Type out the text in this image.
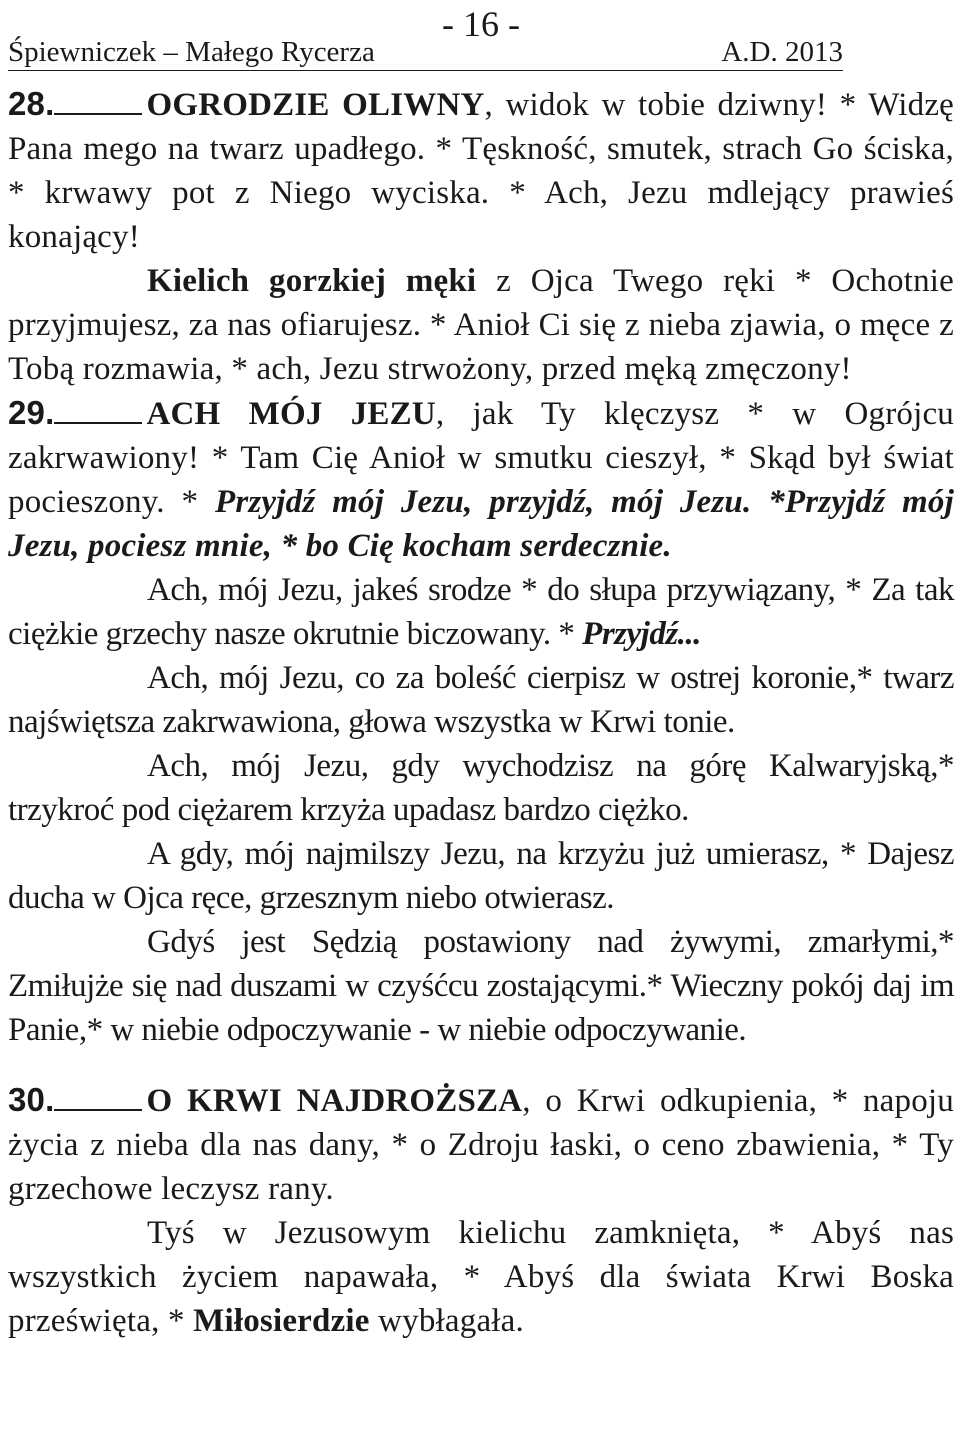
- 16 -
Śpiewniczek – Małego Rycerza	A.D. 2013

28.	OGRODZIE OLIWNY, widok w tobie dziwny! * Widzę Pana mego na twarz upadłego. * Tęskność, smutek, strach Go ściska, * krwawy pot z Niego wyciska. * Ach, Jezu mdlejący prawieś konający!

Kielich gorzkiej męki z Ojca Twego ręki * Ochotnie przyjmujesz, za nas ofiarujesz. * Anioł Ci się z nieba zjawia, o męce z Tobą rozmawia, * ach, Jezu strwożony, przed męką zmęczony!

29.	ACH MÓJ JEZU, jak Ty klęczysz * w Ogrójcu zakrwawiony! * Tam Cię Anioł w smutku cieszył, * Skąd był świat pocieszony. * Przyjdź mój Jezu, przyjdź, mój Jezu. *Przyjdź mój Jezu, pociesz mnie, * bo Cię kocham serdecznie.

Ach, mój Jezu, jakeś srodze * do słupa przywiązany, * Za tak ciężkie grzechy nasze okrutnie biczowany. * Przyjdź...

Ach, mój Jezu, co za boleść cierpisz w ostrej koronie,* twarz najświętsza zakrwawiona, głowa wszystka w Krwi tonie.

Ach, mój Jezu, gdy wychodzisz na górę Kalwaryjską,* trzykroć pod ciężarem krzyża upadasz bardzo ciężko.

A gdy, mój najmilszy Jezu, na krzyżu już umierasz, * Dajesz ducha w Ojca ręce, grzesznym niebo otwierasz.

Gdyś jest Sędzią postawiony nad żywymi, zmarłymi,* Zmiłujże się nad duszami w czyśćcu zostającymi.* Wieczny pokój daj im Panie,* w niebie odpoczywanie - w niebie odpoczywanie.

30.	O KRWI NAJDROŻSZA, o Krwi odkupienia, * napoju życia z nieba dla nas dany, * o Zdroju łaski, o ceno zbawienia, * Ty grzechowe leczysz rany.

Tyś w Jezusowym kielichu zamknięta, * Abyś nas wszystkich życiem napawała, * Abyś dla świata Krwi Boska prześwięta, * Miłosierdzie wybłagała.
